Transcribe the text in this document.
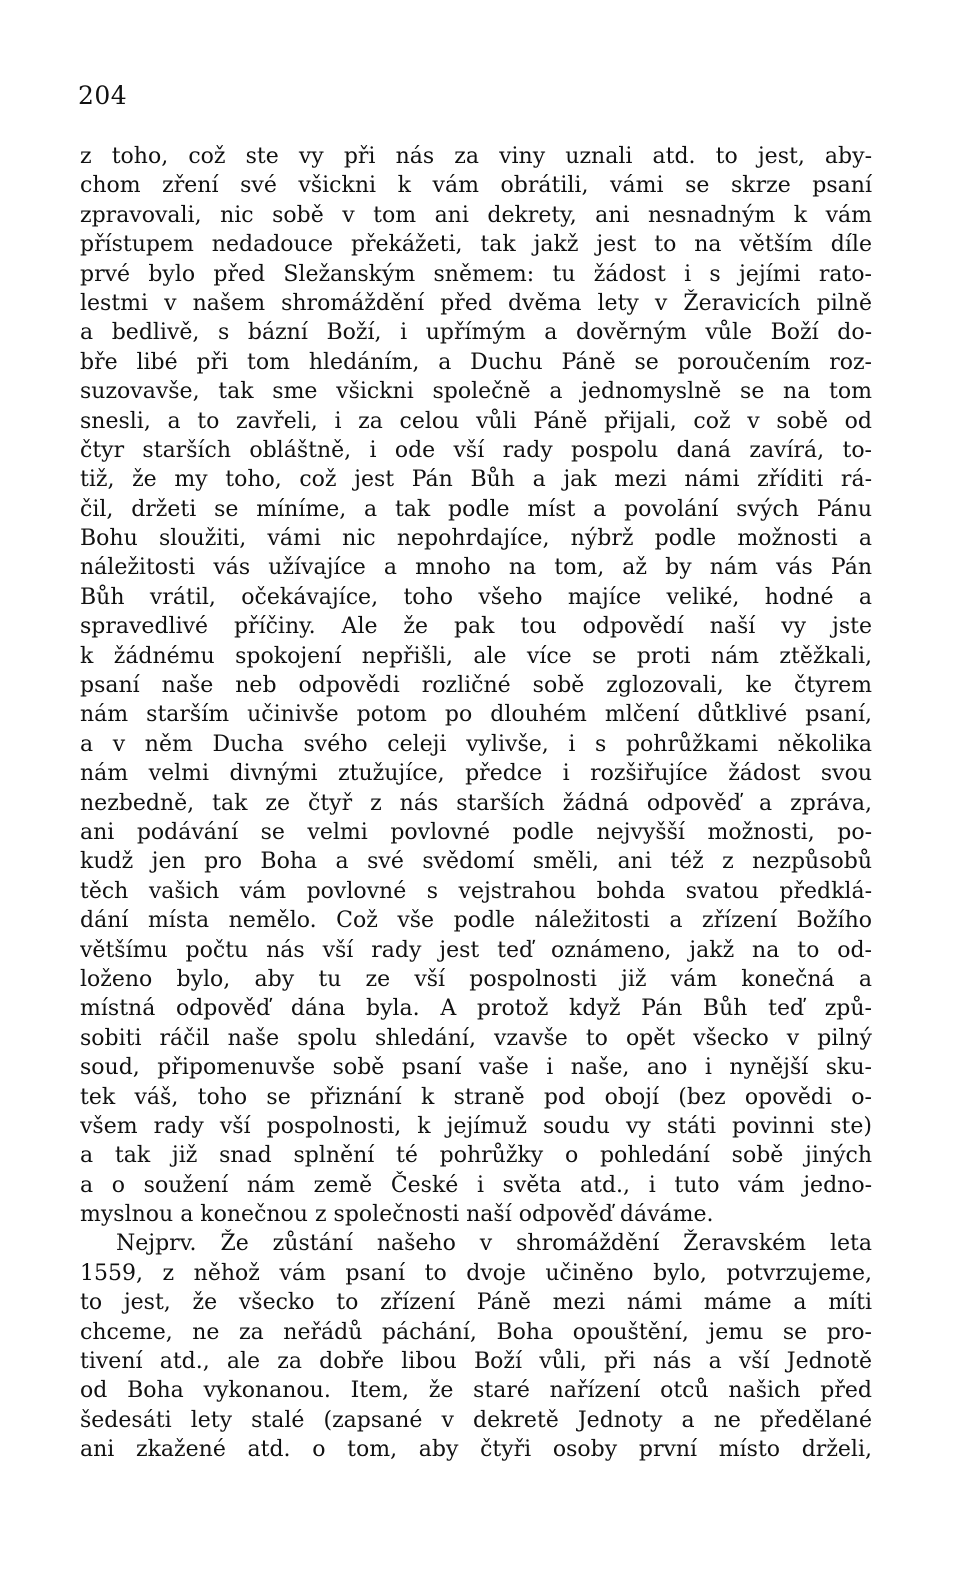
204
z toho, což ste vy při nás za viny uznali atd. to jest, aby-
chom zření své všickni k vám obrátili, vámi se skrze psaní
zpravovali, nic sobě v tom ani dekrety, ani nesnadným k vám
přístupem nedadouce překážeti, tak jakž jest to na větším díle
prvé bylo před Sležanským sněmem: tu žádost i s jejími rato-
lestmi v našem shromáždění před dvěma lety v Žeravicích pilně
a bedlivě, s bázní Boží, i upřímým a dověrným vůle Boží do-
bře libé při tom hledáním, a Duchu Páně se poroučením roz-
suzovavše, tak sme všickni společně a jednomyslně se na tom
snesli, a to zavřeli, i za celou vůli Páně přijali, což v sobě od
čtyr starších obláštně, i ode vší rady pospolu daná zavírá, to-
tiž, že my toho, což jest Pán Bůh a jak mezi námi zříditi rá-
čil, držeti se míníme, a tak podle míst a povolání svých Pánu
Bohu sloužiti, vámi nic nepohrdajíce, nýbrž podle možnosti a
náležitosti vás užívajíce a mnoho na tom, až by nám vás Pán
Bůh vrátil, očekávajíce, toho všeho majíce veliké, hodné a
spravedlivé příčiny. Ale že pak tou odpovědí naší vy jste
k žádnému spokojení nepřišli, ale více se proti nám ztěžkali,
psaní naše neb odpovědi rozličné sobě zglozovali, ke čtyrem
nám starším učinivše potom po dlouhém mlčení důtklivé psaní,
a v něm Ducha svého celeji vylivše, i s pohrůžkami několika
nám velmi divnými ztužujíce, předce i rozšiřujíce žádost svou
nezbedně, tak ze čtyř z nás starších žádná odpověď a zpráva,
ani podávání se velmi povlovné podle nejvyšší možnosti, po-
kudž jen pro Boha a své svědomí směli, ani též z nezpůsobů
těch vašich vám povlovné s vejstrahou bohda svatou předklá-
dání místa nemělo. Což vše podle náležitosti a zřízení Božího
většímu počtu nás vší rady jest teď oznámeno, jakž na to od-
loženo bylo, aby tu ze vší pospolnosti již vám konečná a
místná odpověď dána byla. A protož když Pán Bůh teď způ-
sobiti ráčil naše spolu shledání, vzavše to opět všecko v pilný
soud, připomenuvše sobě psaní vaše i naše, ano i nynější sku-
tek váš, toho se přiznání k straně pod obojí (bez opovědi o-
všem rady vší pospolnosti, k jejímuž soudu vy státi povinni ste)
a tak již snad splnění té pohrůžky o pohledání sobě jiných
a o soužení nám země České i světa atd., i tuto vám jedno-
myslnou a konečnou z společnosti naší odpověď dáváme.
Nejprv. Že zůstání našeho v shromáždění Žeravském leta
1559, z něhož vám psaní to dvoje učiněno bylo, potvrzujeme,
to jest, že všecko to zřízení Páně mezi námi máme a míti
chceme, ne za neřádů páchání, Boha opouštění, jemu se pro-
tivení atd., ale za dobře libou Boží vůli, při nás a vší Jednotě
od Boha vykonanou. Item, že staré nařízení otců našich před
šedesáti lety stalé (zapsané v dekretě Jednoty a ne předělané
ani zkažené atd. o tom, aby čtyři osoby první místo drželi,
